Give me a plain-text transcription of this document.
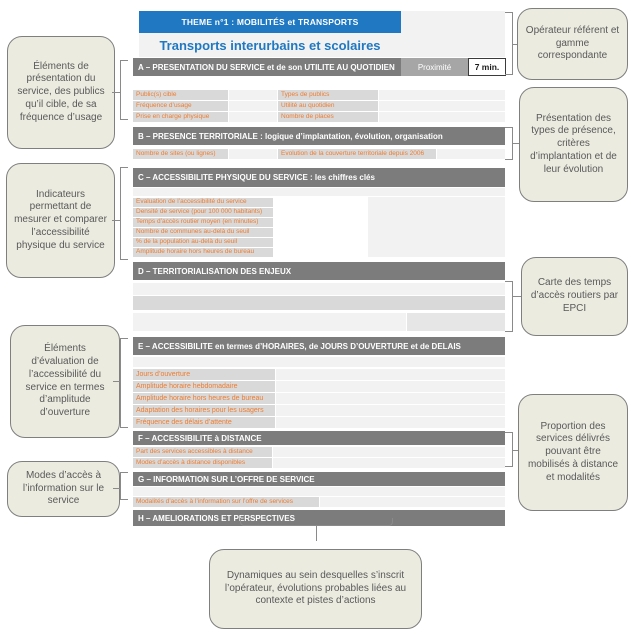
THEME n°1 : MOBILITÉS et TRANSPORTS
Transports interurbains et scolaires
A – PRESENTATION DU SERVICE et de son UTILITE AU QUOTIDIEN	Proximité	7 min.
Public(s) cible	Types de publics
Fréquence d’usage	Utilité au quotidien
Prise en charge physique	Nombre de places
B – PRESENCE TERRITORIALE : logique d’implantation, évolution, organisation
Nombre de sites (ou lignes)	Evolution de la couverture territoriale depuis 2006
C – ACCESSIBILITE PHYSIQUE DU SERVICE : les chiffres clés
Evaluation de l’accessibilité du service
Densité de service (pour 100 000 habitants)
Temps d’accès routier moyen (en minutes)
Nombre de communes au-delà du seuil
% de la population au-delà du seuil
Amplitude horaire hors heures de bureau
D – TERRITORIALISATION DES ENJEUX
E – ACCESSIBILITE en termes d’HORAIRES, de JOURS D’OUVERTURE et de DELAIS
Jours d’ouverture
Amplitude horaire hebdomadaire
Amplitude horaire hors heures de bureau
Adaptation des horaires pour les usagers
Fréquence des délais d’attente
F – ACCESSIBILITE à DISTANCE
Part des services accessibles à distance
Modes d’accès à distance disponibles
G – INFORMATION SUR L’OFFRE DE SERVICE
Modalités d’accès à l’information sur l’offre de services
H – AMELIORATIONS ET PERSPECTIVES
Éléments de présentation du service, des publics qu’il cible, de sa fréquence d’usage
Indicateurs permettant de mesurer et comparer l’accessibilité physique du service
Éléments d’évaluation de l’accessibilité du service en termes d’amplitude d’ouverture
Modes d’accès à l’information sur le service
Opérateur référent et gamme correspondante
Présentation des types de présence, critères d’implantation et de leur évolution
Carte des temps d’accès routiers par EPCI
Proportion des services délivrés pouvant être mobilisés à distance et modalités
Dynamiques au sein desquelles s’inscrit l’opérateur, évolutions probables liées au contexte et pistes d’actions
